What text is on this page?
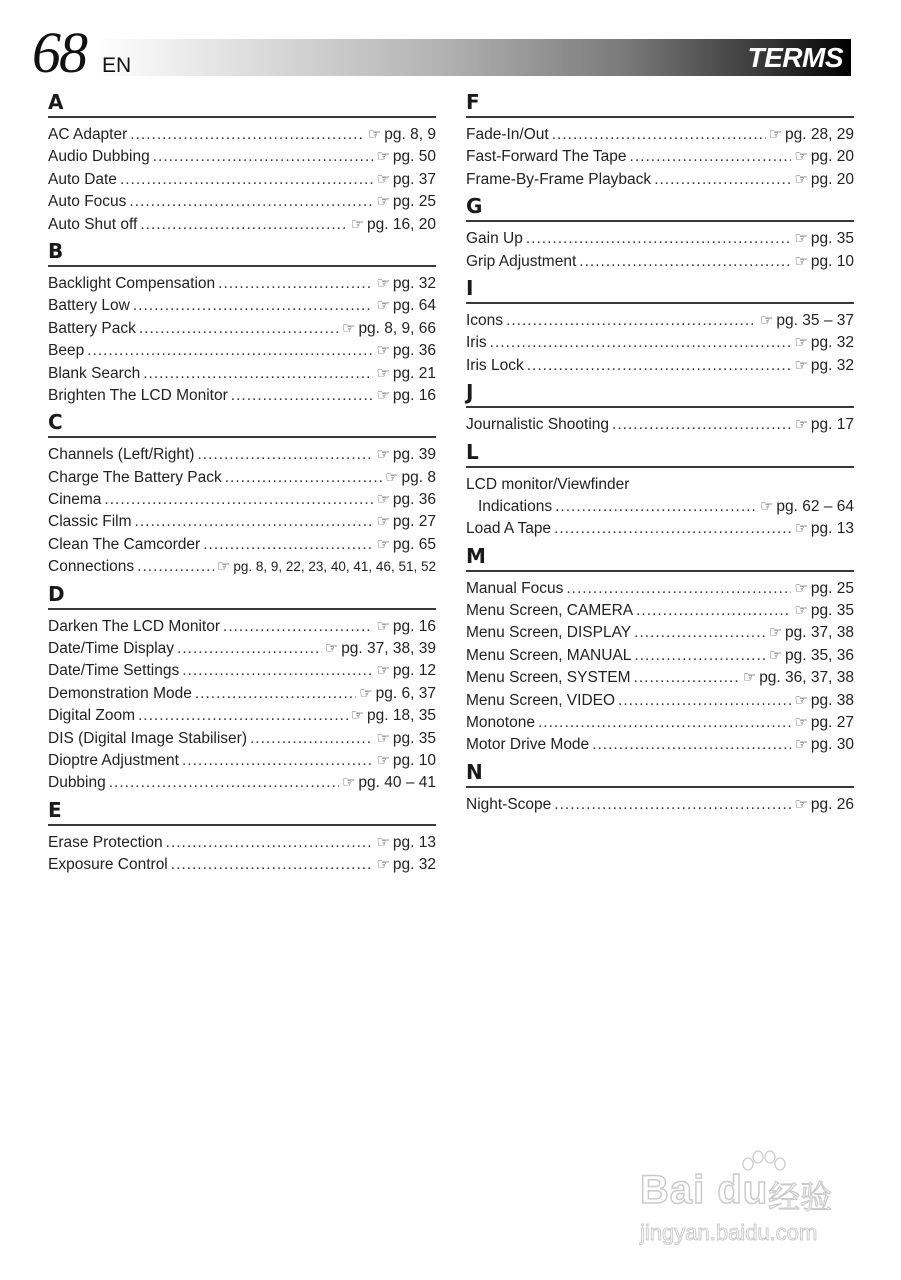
68 EN	TERMS
A
AC Adapter .....	☞ pg. 8, 9
Audio Dubbing .....	☞ pg. 50
Auto Date .....	☞ pg. 37
Auto Focus .....	☞ pg. 25
Auto Shut off .....	☞ pg. 16, 20
B
Backlight Compensation .....	☞ pg. 32
Battery Low .....	☞ pg. 64
Battery Pack .....	☞ pg. 8, 9, 66
Beep .....	☞ pg. 36
Blank Search .....	☞ pg. 21
Brighten The LCD Monitor .....	☞ pg. 16
C
Channels (Left/Right) .....	☞ pg. 39
Charge The Battery Pack .....	☞ pg. 8
Cinema .....	☞ pg. 36
Classic Film .....	☞ pg. 27
Clean The Camcorder .....	☞ pg. 65
Connections .....	☞ pg. 8, 9, 22, 23, 40, 41, 46, 51, 52
D
Darken The LCD Monitor .....	☞ pg. 16
Date/Time Display .....	☞ pg. 37, 38, 39
Date/Time Settings .....	☞ pg. 12
Demonstration Mode .....	☞ pg. 6, 37
Digital Zoom .....	☞ pg. 18, 35
DIS (Digital Image Stabiliser) .....	☞ pg. 35
Dioptre Adjustment .....	☞ pg. 10
Dubbing .....	☞ pg. 40 – 41
E
Erase Protection .....	☞ pg. 13
Exposure Control .....	☞ pg. 32
F
Fade-In/Out .....	☞ pg. 28, 29
Fast-Forward The Tape .....	☞ pg. 20
Frame-By-Frame Playback .....	☞ pg. 20
G
Gain Up .....	☞ pg. 35
Grip Adjustment .....	☞ pg. 10
I
Icons .....	☞ pg. 35 – 37
Iris .....	☞ pg. 32
Iris Lock .....	☞ pg. 32
J
Journalistic Shooting .....	☞ pg. 17
L
LCD monitor/Viewfinder
Indications .....	☞ pg. 62 – 64
Load A Tape .....	☞ pg. 13
M
Manual Focus .....	☞ pg. 25
Menu Screen, CAMERA .....	☞ pg. 35
Menu Screen, DISPLAY .....	☞ pg. 37, 38
Menu Screen, MANUAL .....	☞ pg. 35, 36
Menu Screen, SYSTEM .....	☞ pg. 36, 37, 38
Menu Screen, VIDEO .....	☞ pg. 38
Monotone .....	☞ pg. 27
Motor Drive Mode .....	☞ pg. 30
N
Night-Scope .....	☞ pg. 26
Bai du 经验
jingyan.baidu.com
